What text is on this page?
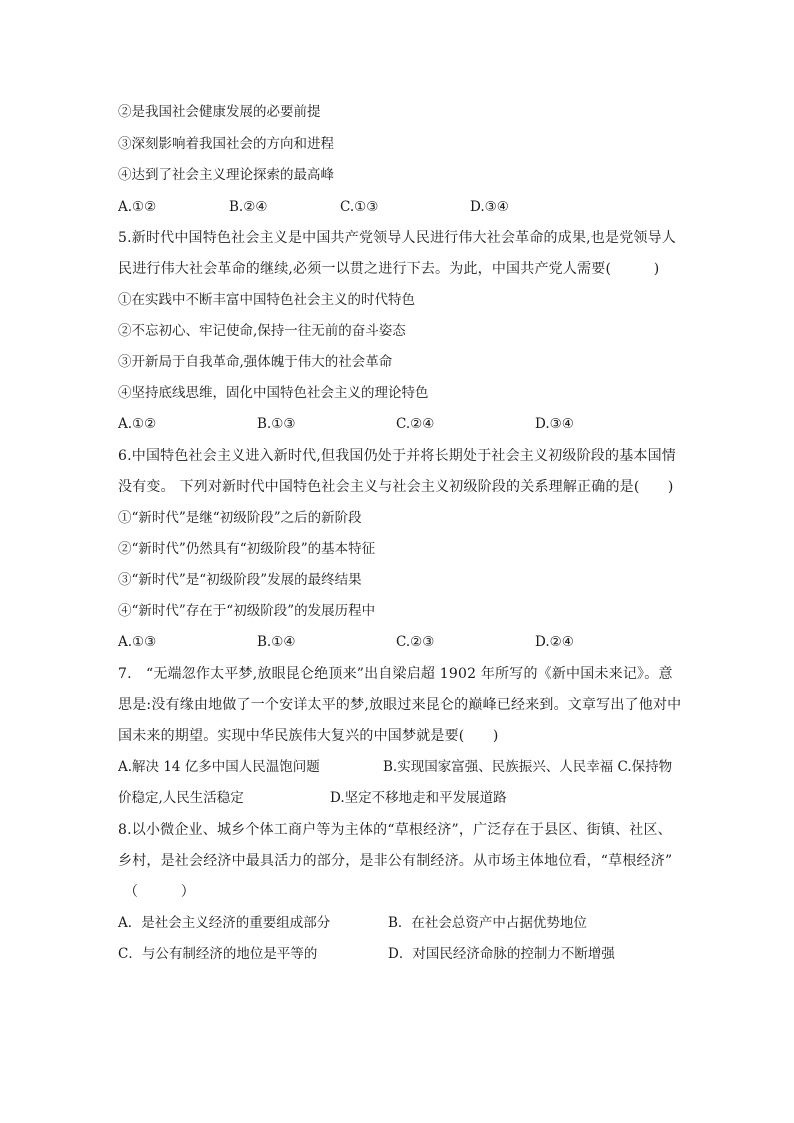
②是我国社会健康发展的必要前提
③深刻影响着我国社会的方向和进程
④达到了社会主义理论探索的最高峰
A.①②	B.②④	C.①③	D.③④
5.新时代中国特色社会主义是中国共产党领导人民进行伟大社会革命的成果,也是党领导人
民进行伟大社会革命的继续,必须一以贯之进行下去。为此，中国共产党人需要(　　　)
①在实践中不断丰富中国特色社会主义的时代特色
②不忘初心、牢记使命,保持一往无前的奋斗姿态
③开新局于自我革命,强体魄于伟大的社会革命
④坚持底线思维，固化中国特色社会主义的理论特色
A.①②	B.①③	C.②④	D.③④
6.中国特色社会主义进入新时代,但我国仍处于并将长期处于社会主义初级阶段的基本国情
没有变。 下列对新时代中国特色社会主义与社会主义初级阶段的关系理解正确的是(　　)
①“新时代”是继“初级阶段”之后的新阶段
②“新时代”仍然具有“初级阶段”的基本特征
③“新时代”是“初级阶段”发展的最终结果
④“新时代”存在于“初级阶段”的发展历程中
A.①③	B.①④	C.②③	D.②④
7.　“无端忽作太平梦,放眼昆仑绝顶来”出自梁启超 1902 年所写的《新中国未来记》。意
思是:没有缘由地做了一个安详太平的梦,放眼过来昆仑的巅峰已经来到。文章写出了他对中
国未来的期望。实现中华民族伟大复兴的中国梦就是要(　　)
A.解决 14 亿多中国人民温饱问题	B.实现国家富强、民族振兴、人民幸福 C.保持物
价稳定,人民生活稳定	D.坚定不移地走和平发展道路
8.以小微企业、城乡个体工商户等为主体的“草根经济”，广泛存在于县区、街镇、社区、
乡村，是社会经济中最具活力的部分，是非公有制经济。从市场主体地位看，“草根经济”
（　　　）
A．是社会主义经济的重要组成部分	B．在社会总资产中占据优势地位
C．与公有制经济的地位是平等的	D．对国民经济命脉的控制力不断增强
